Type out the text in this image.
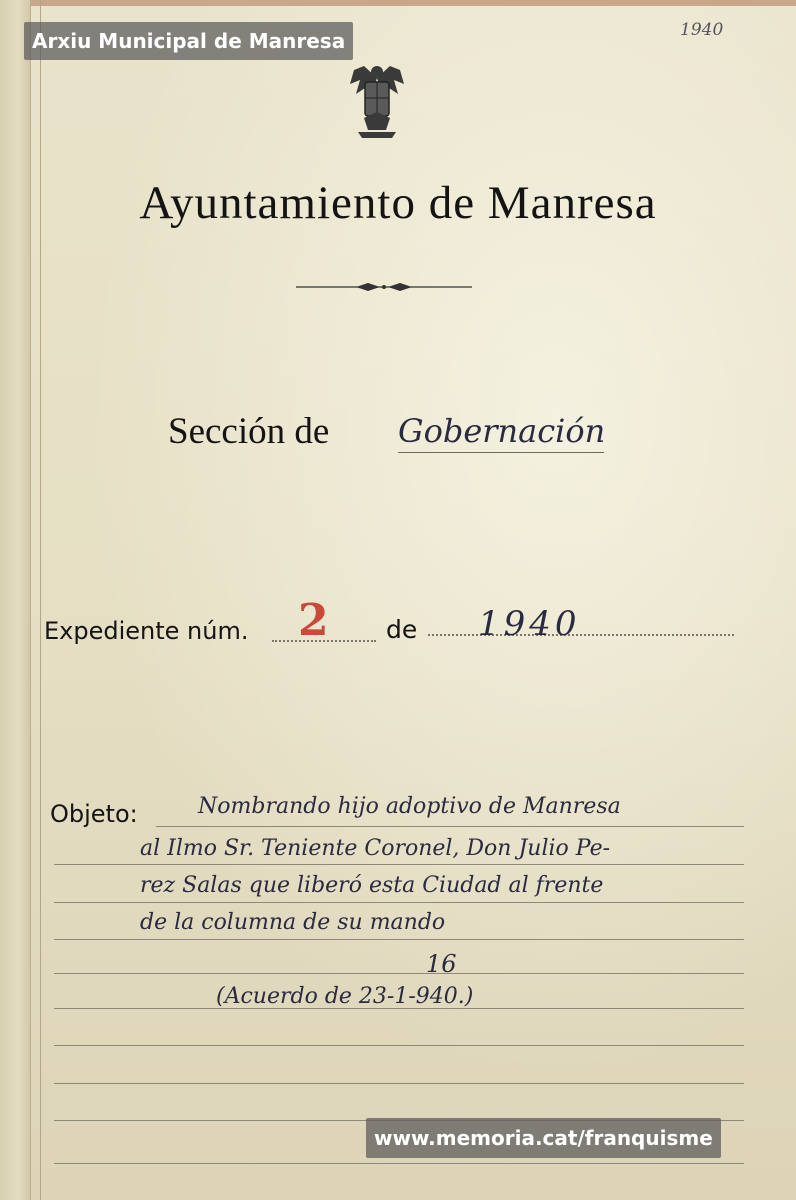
Arxiu Municipal de Manresa	1940
Ayuntamiento de Manresa
Sección de Gobernación
Expediente núm. 2 de 1940
Objeto:	Nombrando hijo adoptivo de Manresa
al Ilmo Sr. Teniente Coronel, Don Julio Pe-
rez Salas que liberó esta Ciudad al frente
de la columna de su mando
16
(Acuerdo de 23-1-940.)
www.memoria.cat/franquisme
